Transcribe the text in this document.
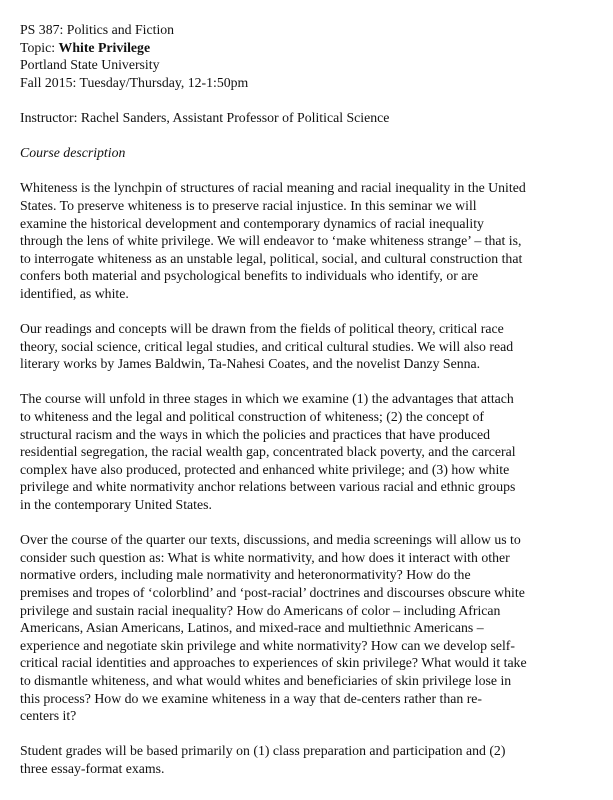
PS 387: Politics and Fiction
Topic: White Privilege
Portland State University
Fall 2015: Tuesday/Thursday, 12-1:50pm
Instructor: Rachel Sanders, Assistant Professor of Political Science
Course description
Whiteness is the lynchpin of structures of racial meaning and racial inequality in the United
States. To preserve whiteness is to preserve racial injustice. In this seminar we will
examine the historical development and contemporary dynamics of racial inequality
through the lens of white privilege. We will endeavor to ‘make whiteness strange’ – that is,
to interrogate whiteness as an unstable legal, political, social, and cultural construction that
confers both material and psychological benefits to individuals who identify, or are
identified, as white.
Our readings and concepts will be drawn from the fields of political theory, critical race
theory, social science, critical legal studies, and critical cultural studies. We will also read
literary works by James Baldwin, Ta-Nahesi Coates, and the novelist Danzy Senna.
The course will unfold in three stages in which we examine (1) the advantages that attach
to whiteness and the legal and political construction of whiteness; (2) the concept of
structural racism and the ways in which the policies and practices that have produced
residential segregation, the racial wealth gap, concentrated black poverty, and the carceral
complex have also produced, protected and enhanced white privilege; and (3) how white
privilege and white normativity anchor relations between various racial and ethnic groups
in the contemporary United States.
Over the course of the quarter our texts, discussions, and media screenings will allow us to
consider such question as: What is white normativity, and how does it interact with other
normative orders, including male normativity and heteronormativity? How do the
premises and tropes of ‘colorblind’ and ‘post-racial’ doctrines and discourses obscure white
privilege and sustain racial inequality? How do Americans of color – including African
Americans, Asian Americans, Latinos, and mixed-race and multiethnic Americans –
experience and negotiate skin privilege and white normativity? How can we develop self-
critical racial identities and approaches to experiences of skin privilege? What would it take
to dismantle whiteness, and what would whites and beneficiaries of skin privilege lose in
this process? How do we examine whiteness in a way that de-centers rather than re-
centers it?
Student grades will be based primarily on (1) class preparation and participation and (2)
three essay-format exams.
